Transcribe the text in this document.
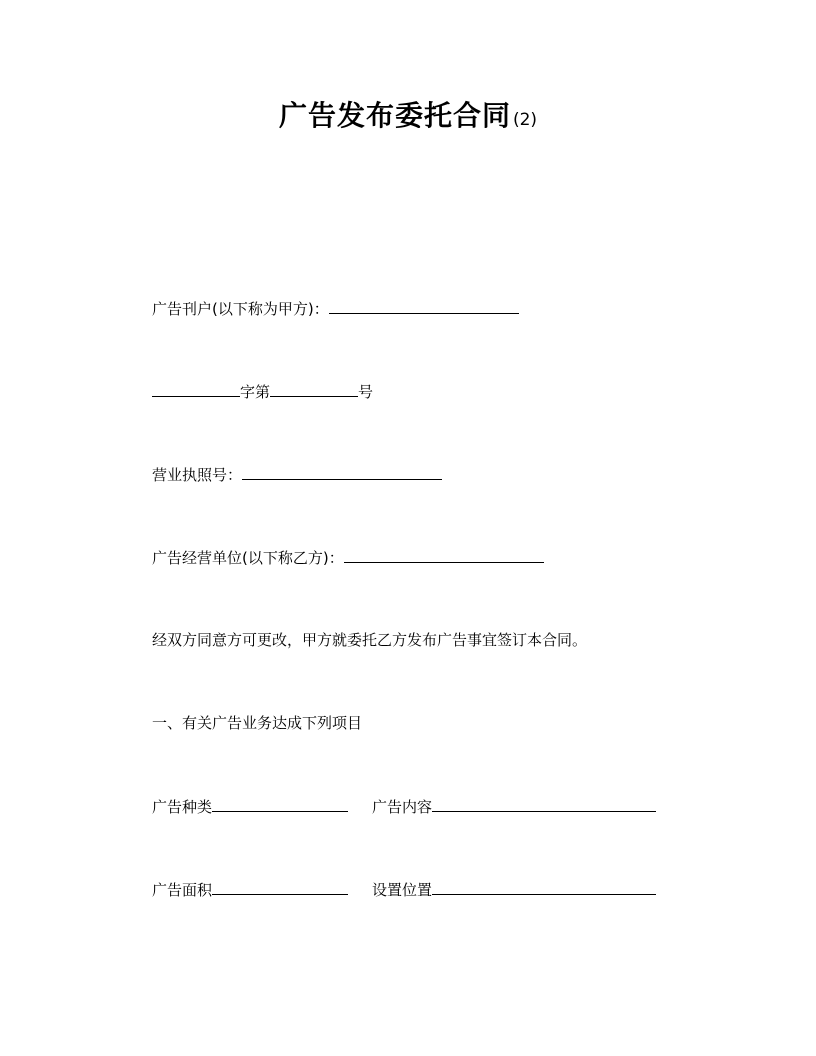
广告发布委托合同 (2)
广告刊户(以下称为甲方)：
字第	号
营业执照号：
广告经营单位(以下称乙方)：
经双方同意方可更改，甲方就委托乙方发布广告事宜签订本合同。
一、有关广告业务达成下列项目
广告种类	广告内容
广告面积	设置位置
